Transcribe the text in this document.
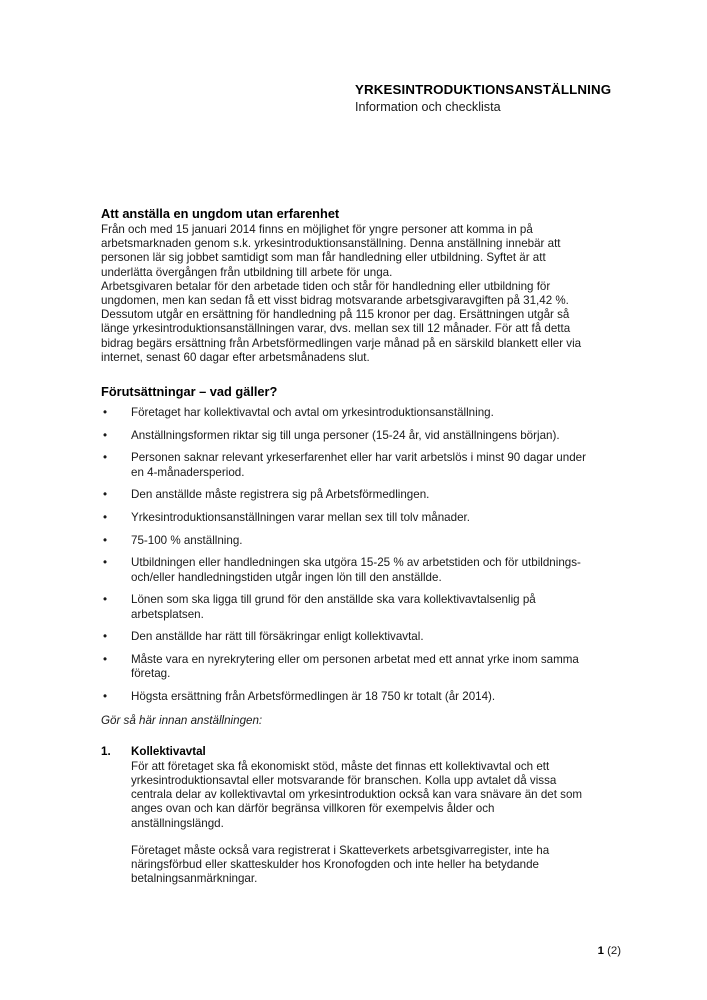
YRKESINTRODUKTIONSANSTÄLLNING
Information och checklista
Att anställa en ungdom utan erfarenhet

Från och med 15 januari 2014 finns en möjlighet för yngre personer att komma in på arbetsmarknaden genom s.k. yrkesintroduktionsanställning. Denna anställning innebär att personen lär sig jobbet samtidigt som man får handledning eller utbildning. Syftet är att underlätta övergången från utbildning till arbete för unga.

Arbetsgivaren betalar för den arbetade tiden och står för handledning eller utbildning för ungdomen, men kan sedan få ett visst bidrag motsvarande arbetsgivaravgiften på 31,42 %. Dessutom utgår en ersättning för handledning på 115 kronor per dag. Ersättningen utgår så länge yrkesintroduktionsanställningen varar, dvs. mellan sex till 12 månader. För att få detta bidrag begärs ersättning från Arbetsförmedlingen varje månad på en särskild blankett eller via internet, senast 60 dagar efter arbetsmånadens slut.

Förutsättningar – vad gäller?
• Företaget har kollektivavtal och avtal om yrkesintroduktionsanställning.
• Anställningsformen riktar sig till unga personer (15-24 år, vid anställningens början).
• Personen saknar relevant yrkeserfarenhet eller har varit arbetslös i minst 90 dagar under en 4-månadersperiod.
• Den anställde måste registrera sig på Arbetsförmedlingen.
• Yrkesintroduktionsanställningen varar mellan sex till tolv månader.
• 75-100 % anställning.
• Utbildningen eller handledningen ska utgöra 15-25 % av arbetstiden och för utbildnings- och/eller handledningstiden utgår ingen lön till den anställde.
• Lönen som ska ligga till grund för den anställde ska vara kollektivavtalsenlig på arbetsplatsen.
• Den anställde har rätt till försäkringar enligt kollektivavtal.
• Måste vara en nyrekrytering eller om personen arbetat med ett annat yrke inom samma företag.
• Högsta ersättning från Arbetsförmedlingen är 18 750 kr totalt (år 2014).

Gör så här innan anställningen:

1. Kollektivavtal

För att företaget ska få ekonomiskt stöd, måste det finnas ett kollektivavtal och ett yrkesintroduktionsavtal eller motsvarande för branschen. Kolla upp avtalet då vissa centrala delar av kollektivavtal om yrkesintroduktion också kan vara snävare än det som anges ovan och kan därför begränsa villkoren för exempelvis ålder och anställningslängd.

Företaget måste också vara registrerat i Skatteverkets arbetsgivarregister, inte ha näringsförbud eller skatteskulder hos Kronofogden och inte heller ha betydande betalningsanmärkningar.

1 (2)
